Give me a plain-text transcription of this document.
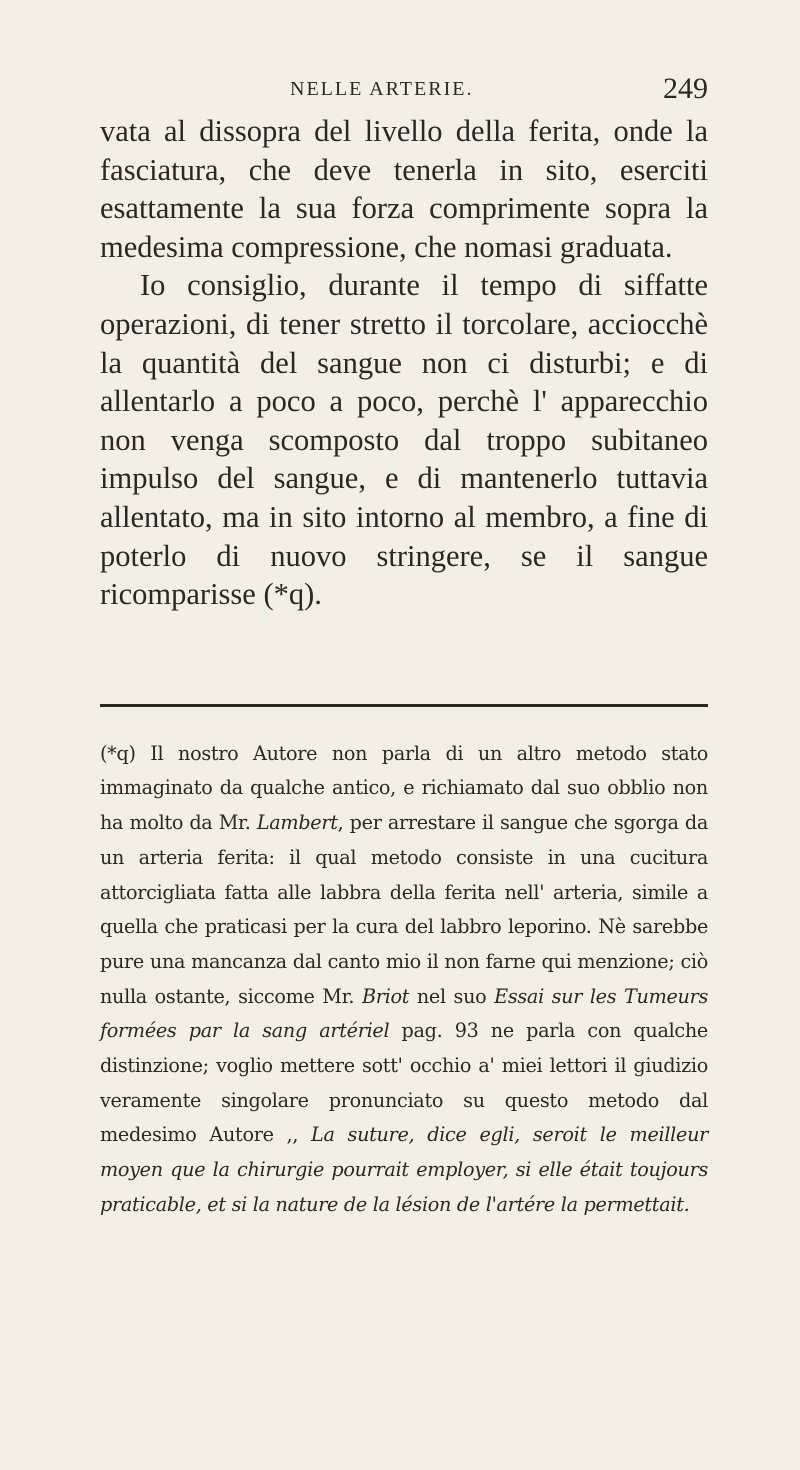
NELLE ARTERIE.	249

vata al dissopra del livello della ferita, onde la fasciatura, che deve tenerla in sito, eserciti esattamente la sua forza comprimente sopra la medesima compressione, che nomasi graduata.

Io consiglio, durante il tempo di siffatte operazioni, di tener stretto il torcolare, acciocchè la quantità del sangue non ci disturbi; e di allentarlo a poco a poco, perchè l' apparecchio non venga scomposto dal troppo subitaneo impulso del sangue, e di mantenerlo tuttavia allentato, ma in sito intorno al membro, a fine di poterlo di nuovo stringere, se il sangue ricomparisse (*q).

(*q) Il nostro Autore non parla di un altro metodo stato immaginato da qualche antico, e richiamato dal suo obblio non ha molto da Mr. Lambert, per arrestare il sangue che sgorga da un arteria ferita: il qual metodo consiste in una cucitura attorcigliata fatta alle labbra della ferita nell' arteria, simile a quella che praticasi per la cura del labbro leporino. Nè sarebbe pure una mancanza dal canto mio il non farne qui menzione; ciò nulla ostante, siccome Mr. Briot nel suo Essai sur les Tumeurs formées par la sang artériel pag. 93 ne parla con qualche distinzione; voglio mettere sott' occhio a' miei lettori il giudizio veramente singolare pronunciato su questo metodo dal medesimo Autore ,, La suture, dice egli, seroit le meilleur moyen que la chirurgie pourrait employer, si elle était toujours praticable, et si la nature de la lésion de l'artére la permettait.
